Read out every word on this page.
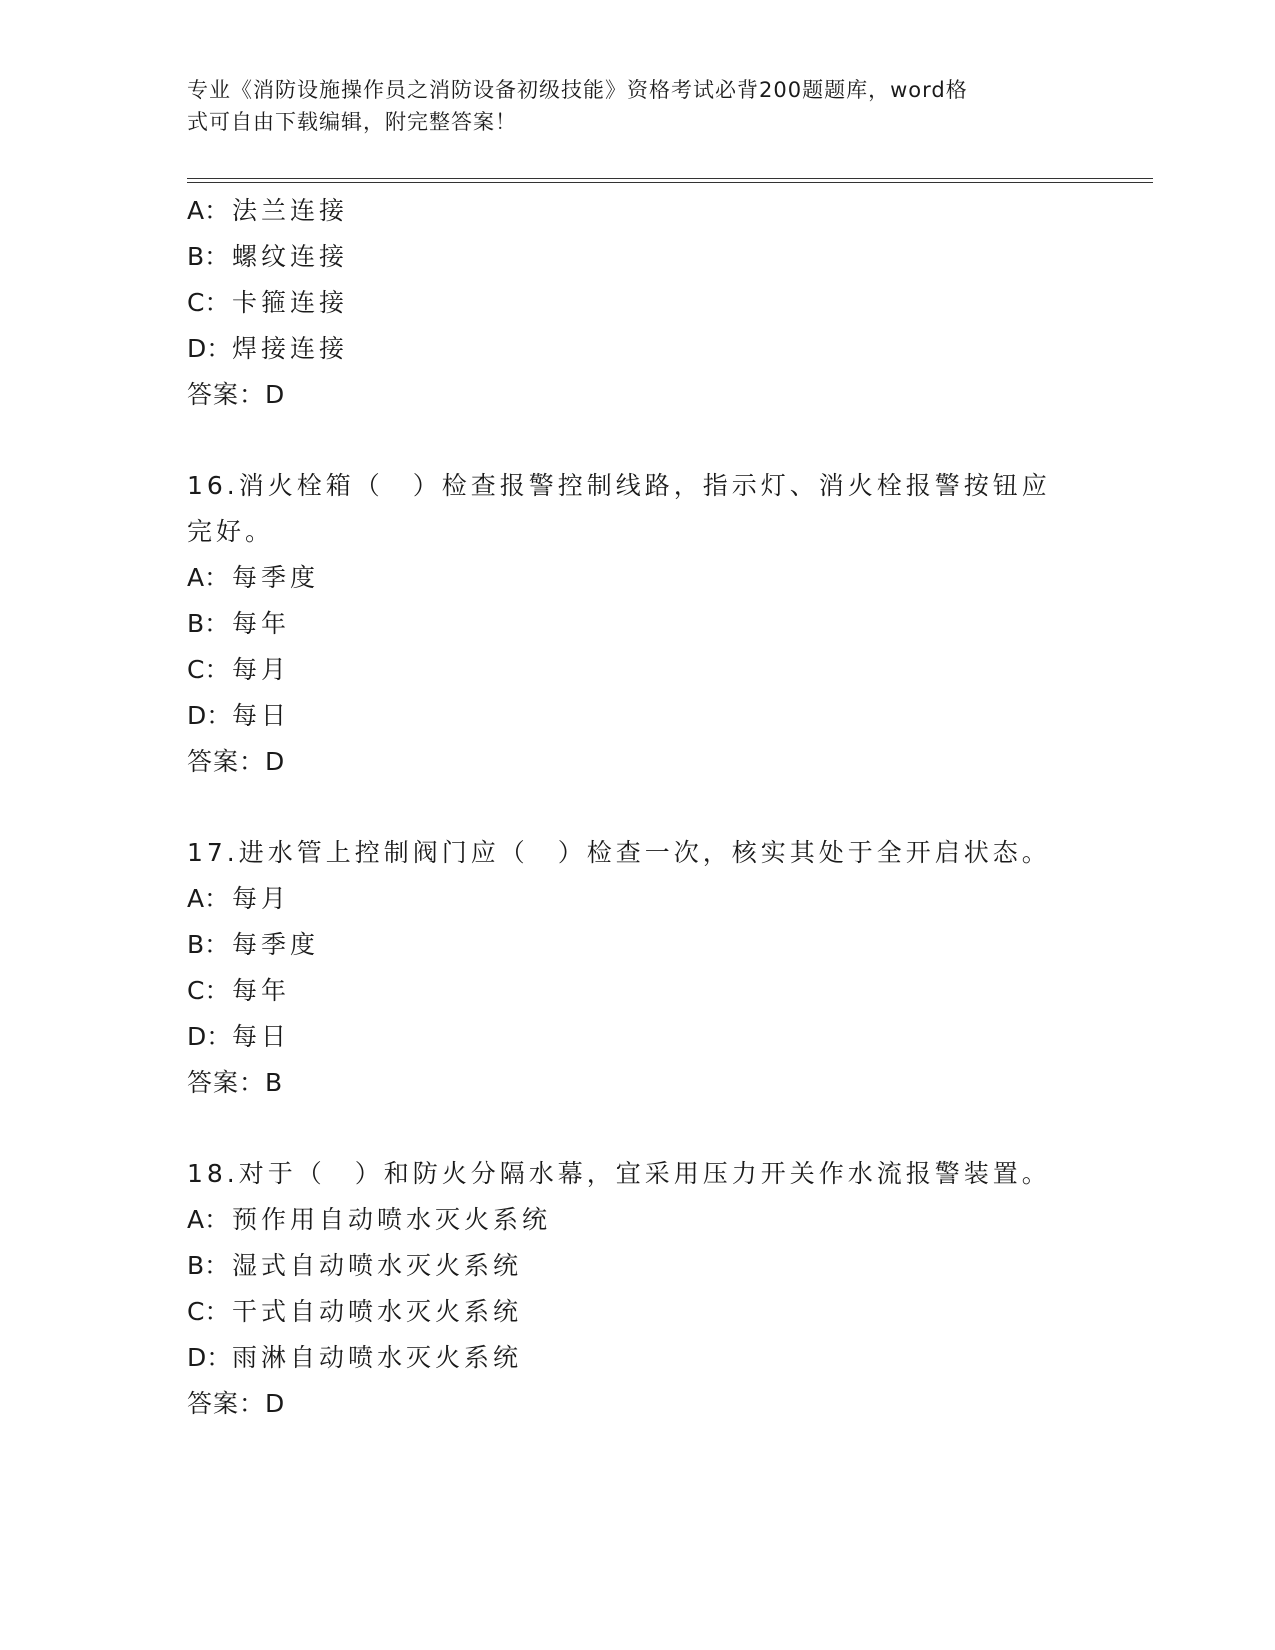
专业《消防设施操作员之消防设备初级技能》资格考试必背200题题库，word格
式可自由下载编辑，附完整答案！
A： 法兰连接
B： 螺纹连接
C： 卡箍连接
D：焊接连接
答案：D
16.消火栓箱（　）检查报警控制线路，指示灯、消火栓报警按钮应完好。
A： 每季度
B： 每年
C： 每月
D：每日
答案：D
17.进水管上控制阀门应（　）检查一次，核实其处于全开启状态。
A： 每月
B： 每季度
C： 每年
D：每日
答案：B
18.对于（　）和防火分隔水幕，宜采用压力开关作水流报警装置。
A： 预作用自动喷水灭火系统
B： 湿式自动喷水灭火系统
C： 干式自动喷水灭火系统
D：雨淋自动喷水灭火系统
答案：D
